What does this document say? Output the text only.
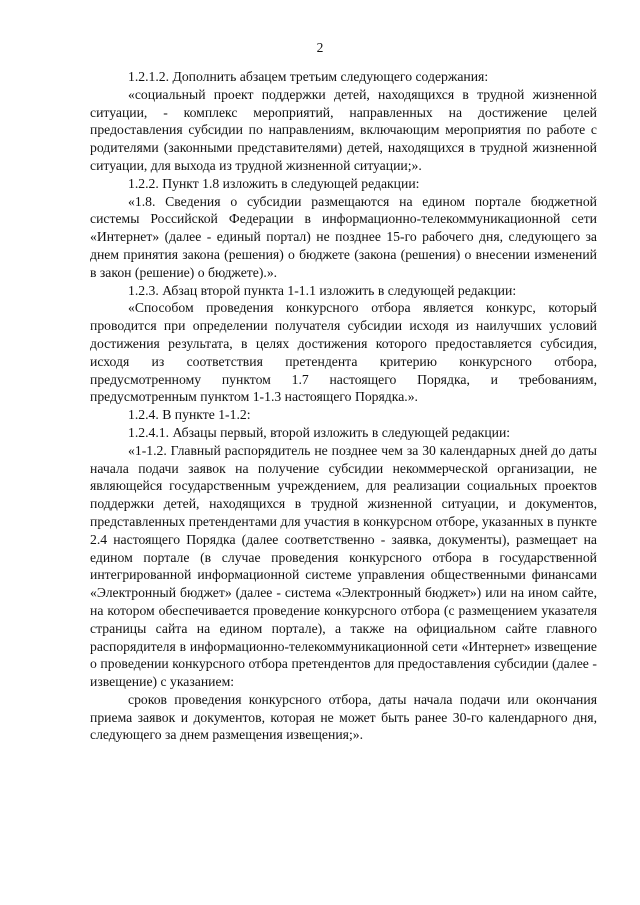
2

1.2.1.2. Дополнить абзацем третьим следующего содержания:

«социальный проект поддержки детей, находящихся в трудной жизненной ситуации, - комплекс мероприятий, направленных на достижение целей предоставления субсидии по направлениям, включающим мероприятия по работе с родителями (законными представителями) детей, находящихся в трудной жизненной ситуации, для выхода из трудной жизненной ситуации;».

1.2.2. Пункт 1.8 изложить в следующей редакции:

«1.8. Сведения о субсидии размещаются на едином портале бюджетной системы Российской Федерации в информационно-телекоммуникационной сети «Интернет» (далее - единый портал) не позднее 15-го рабочего дня, следующего за днем принятия закона (решения) о бюджете (закона (решения) о внесении изменений в закон (решение) о бюджете).».

1.2.3. Абзац второй пункта 1-1.1 изложить в следующей редакции:

«Способом проведения конкурсного отбора является конкурс, который проводится при определении получателя субсидии исходя из наилучших условий достижения результата, в целях достижения которого предоставляется субсидия, исходя из соответствия претендента критерию конкурсного отбора, предусмотренному пунктом 1.7 настоящего Порядка, и требованиям, предусмотренным пунктом 1-1.3 настоящего Порядка.».

1.2.4. В пункте 1-1.2:

1.2.4.1. Абзацы первый, второй изложить в следующей редакции:

«1-1.2. Главный распорядитель не позднее чем за 30 календарных дней до даты начала подачи заявок на получение субсидии некоммерческой организации, не являющейся государственным учреждением, для реализации социальных проектов поддержки детей, находящихся в трудной жизненной ситуации, и документов, представленных претендентами для участия в конкурсном отборе, указанных в пункте 2.4 настоящего Порядка (далее соответственно - заявка, документы), размещает на едином портале (в случае проведения конкурсного отбора в государственной интегрированной информационной системе управления общественными финансами «Электронный бюджет» (далее - система «Электронный бюджет») или на ином сайте, на котором обеспечивается проведение конкурсного отбора (с размещением указателя страницы сайта на едином портале), а также на официальном сайте главного распорядителя в информационно-телекоммуникационной сети «Интернет» извещение о проведении конкурсного отбора претендентов для предоставления субсидии (далее - извещение) с указанием:

сроков проведения конкурсного отбора, даты начала подачи или окончания приема заявок и документов, которая не может быть ранее 30-го календарного дня, следующего за днем размещения извещения;».
